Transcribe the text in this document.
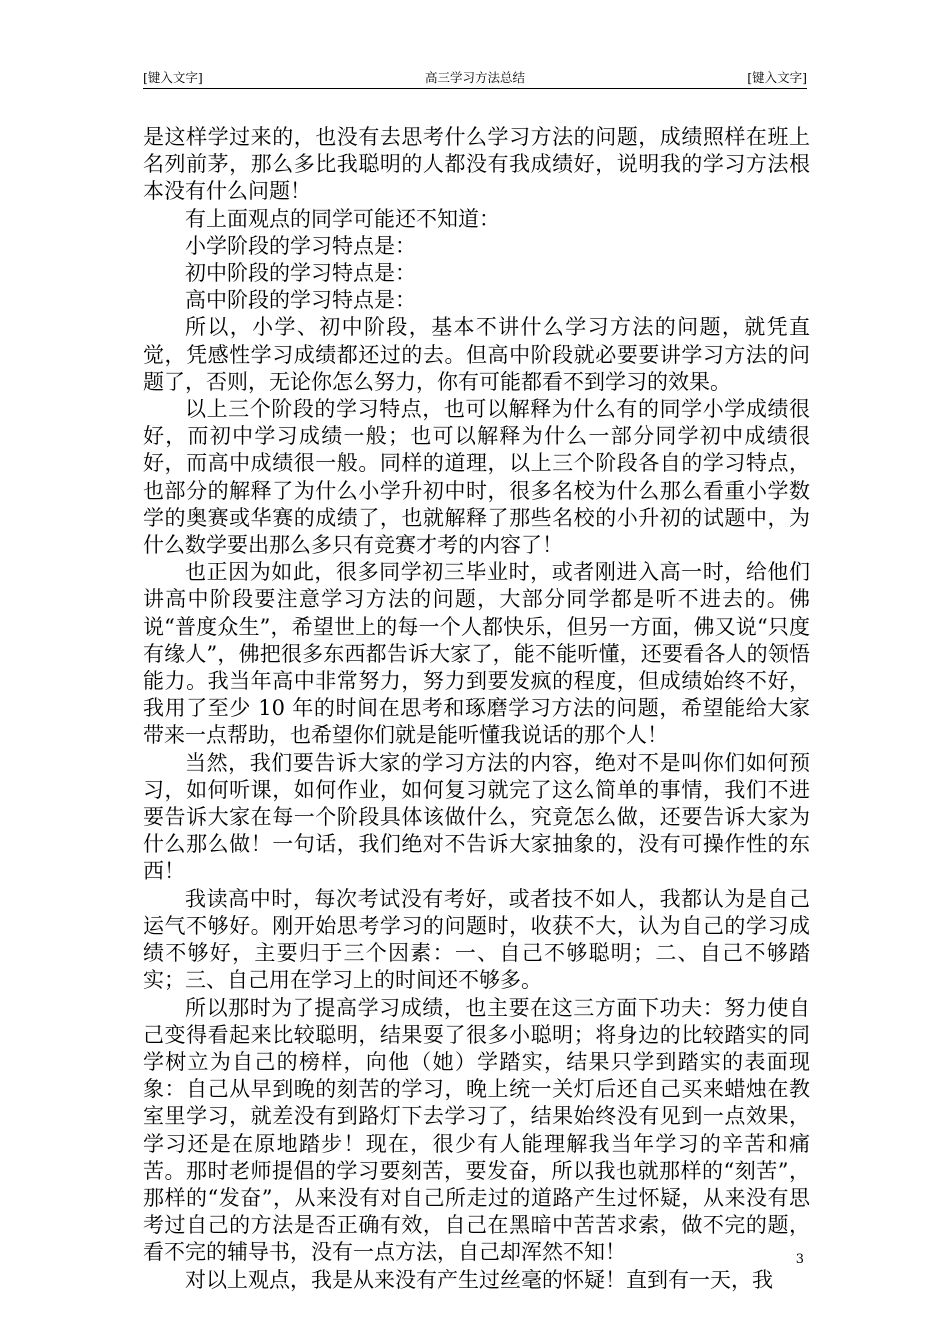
[键入文字]	高三学习方法总结	[键入文字]

是这样学过来的，也没有去思考什么学习方法的问题，成绩照样在班上名列前茅，那么多比我聪明的人都没有我成绩好，说明我的学习方法根本没有什么问题！

有上面观点的同学可能还不知道：

小学阶段的学习特点是：

初中阶段的学习特点是：

高中阶段的学习特点是：

所以，小学、初中阶段，基本不讲什么学习方法的问题，就凭直觉，凭感性学习成绩都还过的去。但高中阶段就必要要讲学习方法的问题了，否则，无论你怎么努力，你有可能都看不到学习的效果。

以上三个阶段的学习特点，也可以解释为什么有的同学小学成绩很好，而初中学习成绩一般；也可以解释为什么一部分同学初中成绩很好，而高中成绩很一般。同样的道理，以上三个阶段各自的学习特点，也部分的解释了为什么小学升初中时，很多名校为什么那么看重小学数学的奥赛或华赛的成绩了，也就解释了那些名校的小升初的试题中，为什么数学要出那么多只有竞赛才考的内容了！

也正因为如此，很多同学初三毕业时，或者刚进入高一时，给他们讲高中阶段要注意学习方法的问题，大部分同学都是听不进去的。佛说“普度众生”，希望世上的每一个人都快乐，但另一方面，佛又说“只度有缘人”，佛把很多东西都告诉大家了，能不能听懂，还要看各人的领悟能力。我当年高中非常努力，努力到要发疯的程度，但成绩始终不好，我用了至少 10 年的时间在思考和琢磨学习方法的问题，希望能给大家带来一点帮助，也希望你们就是能听懂我说话的那个人！

当然，我们要告诉大家的学习方法的内容，绝对不是叫你们如何预习，如何听课，如何作业，如何复习就完了这么简单的事情，我们不进要告诉大家在每一个阶段具体该做什么，究竟怎么做，还要告诉大家为什么那么做！一句话，我们绝对不告诉大家抽象的，没有可操作性的东西！

我读高中时，每次考试没有考好，或者技不如人，我都认为是自己运气不够好。刚开始思考学习的问题时，收获不大，认为自己的学习成绩不够好，主要归于三个因素：一、自己不够聪明；二、自己不够踏实；三、自己用在学习上的时间还不够多。

所以那时为了提高学习成绩，也主要在这三方面下功夫：努力使自己变得看起来比较聪明，结果耍了很多小聪明；将身边的比较踏实的同学树立为自己的榜样，向他（她）学踏实，结果只学到踏实的表面现象：自己从早到晚的刻苦的学习，晚上统一关灯后还自己买来蜡烛在教室里学习，就差没有到路灯下去学习了，结果始终没有见到一点效果，学习还是在原地踏步！现在，很少有人能理解我当年学习的辛苦和痛苦。那时老师提倡的学习要刻苦，要发奋，所以我也就那样的“刻苦”，那样的“发奋”，从来没有对自己所走过的道路产生过怀疑，从来没有思考过自己的方法是否正确有效，自己在黑暗中苦苦求索，做不完的题，看不完的辅导书，没有一点方法，自己却浑然不知！

对以上观点，我是从来没有产生过丝毫的怀疑！直到有一天，我

3
